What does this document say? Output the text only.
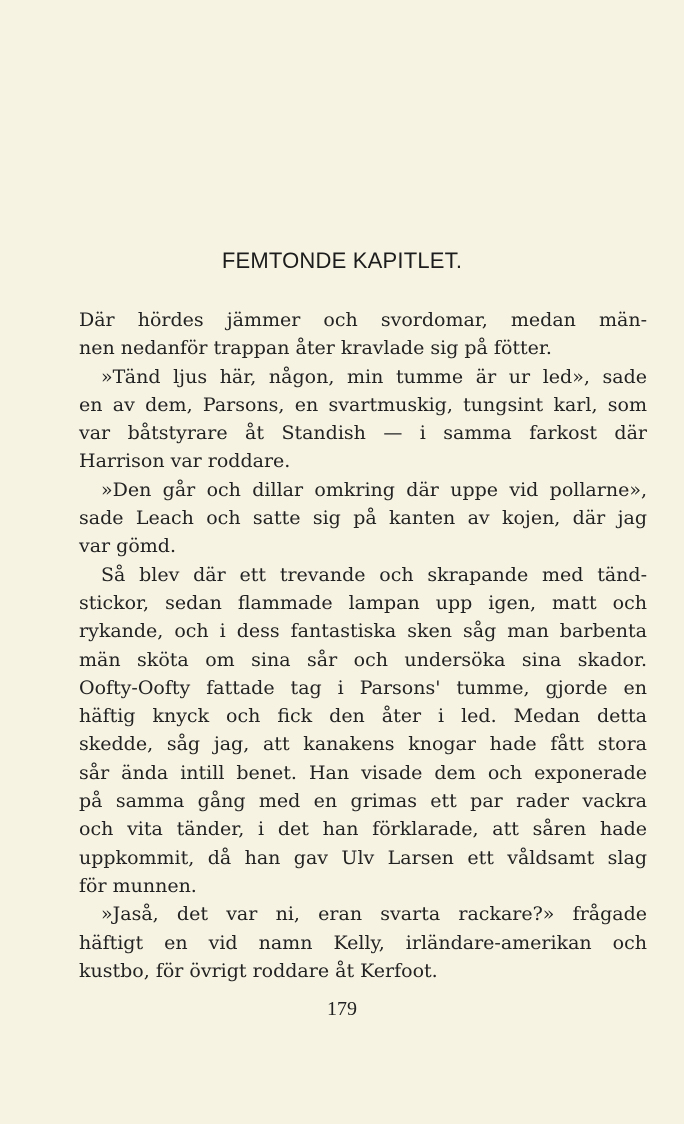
FEMTONDE KAPITLET.
Där hördes jämmer och svordomar, medan män-
nen nedanför trappan åter kravlade sig på fötter.
»Tänd ljus här, någon, min tumme är ur led», sade
en av dem, Parsons, en svartmuskig, tungsint karl, som
var båtstyrare åt Standish — i samma farkost där
Harrison var roddare.
»Den går och dillar omkring där uppe vid pollarne»,
sade Leach och satte sig på kanten av kojen, där jag
var gömd.
Så blev där ett trevande och skrapande med tänd-
stickor, sedan flammade lampan upp igen, matt och
rykande, och i dess fantastiska sken såg man barbenta
män sköta om sina sår och undersöka sina skador.
Oofty-Oofty fattade tag i Parsons' tumme, gjorde en
häftig knyck och fick den åter i led. Medan detta
skedde, såg jag, att kanakens knogar hade fått stora
sår ända intill benet. Han visade dem och exponerade
på samma gång med en grimas ett par rader vackra
och vita tänder, i det han förklarade, att såren hade
uppkommit, då han gav Ulv Larsen ett våldsamt slag
för munnen.
»Jaså, det var ni, eran svarta rackare?» frågade
häftigt en vid namn Kelly, irländare-amerikan och
kustbo, för övrigt roddare åt Kerfoot.
179
